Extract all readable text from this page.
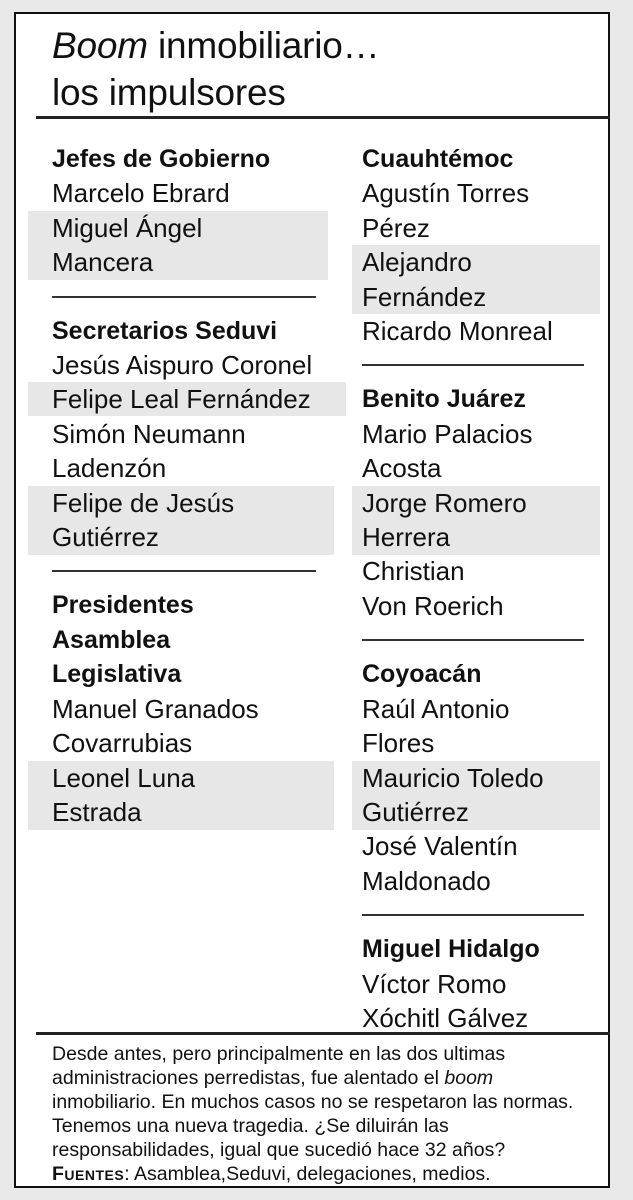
Boom inmobiliario…
los impulsores
Jefes de Gobierno
Marcelo Ebrard
Miguel Ángel
Mancera
Secretarios Seduvi
Jesús Aispuro Coronel
Felipe Leal Fernández
Simón Neumann
Ladenzón
Felipe de Jesús
Gutiérrez
Presidentes
Asamblea
Legislativa
Manuel Granados
Covarrubias
Leonel Luna
Estrada
Cuauhtémoc
Agustín Torres
Pérez
Alejandro
Fernández
Ricardo Monreal
Benito Juárez
Mario Palacios
Acosta
Jorge Romero
Herrera
Christian
Von Roerich
Coyoacán
Raúl Antonio
Flores
Mauricio Toledo
Gutiérrez
José Valentín
Maldonado
Miguel Hidalgo
Víctor Romo
Xóchitl Gálvez
Desde antes, pero principalmente en las dos ultimas administraciones perredistas, fue alentado el boom inmobiliario. En muchos casos no se respetaron las normas. Tenemos una nueva tragedia. ¿Se diluirán las responsabilidades, igual que sucedió hace 32 años?
Fuentes: Asamblea,Seduvi, delegaciones, medios.
